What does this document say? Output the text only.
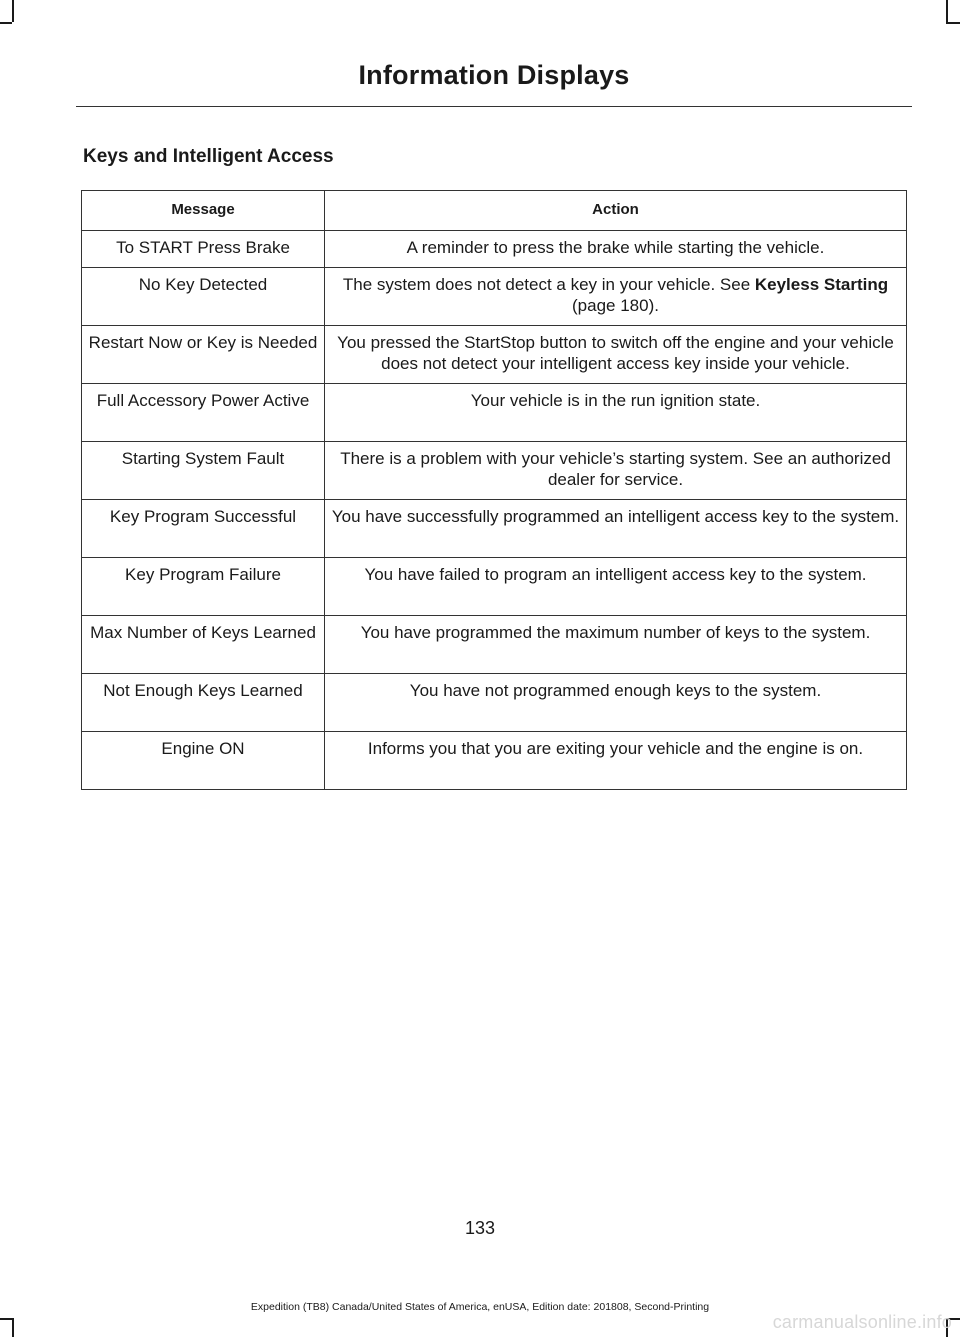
Information Displays
Keys and Intelligent Access
Message	Action
To START Press Brake	A reminder to press the brake while starting the vehicle.
No Key Detected	The system does not detect a key in your vehicle. See Keyless Starting (page 180).
Restart Now or Key is Needed	You pressed the StartStop button to switch off the engine and your vehicle does not detect your intelligent access key inside your vehicle.
Full Accessory Power Active	Your vehicle is in the run ignition state.
Starting System Fault	There is a problem with your vehicle’s starting system. See an authorized dealer for service.
Key Program Successful	You have successfully programmed an intelligent access key to the system.
Key Program Failure	You have failed to program an intelligent access key to the system.
Max Number of Keys Learned	You have programmed the maximum number of keys to the system.
Not Enough Keys Learned	You have not programmed enough keys to the system.
Engine ON	Informs you that you are exiting your vehicle and the engine is on.
133
Expedition (TB8) Canada/United States of America, enUSA, Edition date: 201808, Second-Printing
carmanualsonline.info
